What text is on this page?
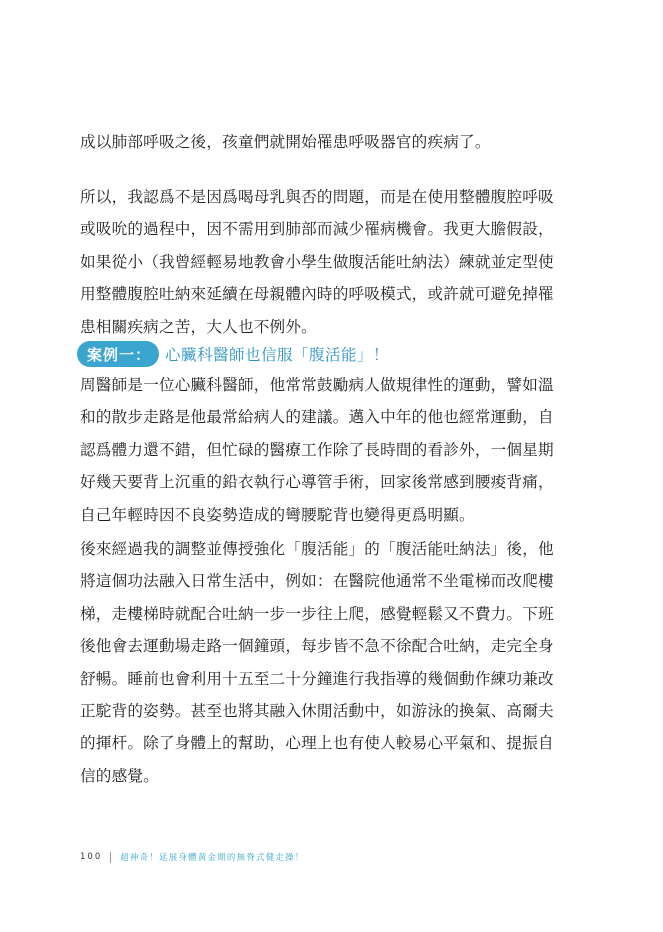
成以肺部呼吸之後，孩童們就開始罹患呼吸器官的疾病了。
所以，我認爲不是因爲喝母乳與否的問題，而是在使用整體腹腔呼吸
或吸吮的過程中，因不需用到肺部而減少罹病機會。我更大膽假設，
如果從小（我曾經輕易地教會小學生做腹活能吐納法）練就並定型使
用整體腹腔吐納來延續在母親體內時的呼吸模式，或許就可避免掉罹
患相關疾病之苦，大人也不例外。
案例一： 心臟科醫師也信服「腹活能」！
周醫師是一位心臟科醫師，他常常鼓勵病人做規律性的運動，譬如溫
和的散步走路是他最常給病人的建議。邁入中年的他也經常運動，自
認爲體力還不錯，但忙碌的醫療工作除了長時間的看診外，一個星期
好幾天要背上沉重的鉛衣執行心導管手術，回家後常感到腰痠背痛，
自己年輕時因不良姿勢造成的彎腰駝背也變得更爲明顯。
後來經過我的調整並傳授強化「腹活能」的「腹活能吐納法」後，他
將這個功法融入日常生活中，例如：在醫院他通常不坐電梯而改爬樓
梯，走樓梯時就配合吐納一步一步往上爬，感覺輕鬆又不費力。下班
後他會去運動場走路一個鐘頭，每步皆不急不徐配合吐納，走完全身
舒暢。睡前也會利用十五至二十分鐘進行我指導的幾個動作練功兼改
正駝背的姿勢。甚至也將其融入休閒活動中，如游泳的換氣、高爾夫
的揮杆。除了身體上的幫助，心理上也有使人較易心平氣和、提振自
信的感覺。
100 超神奇！延展身體黃金期的無脊式健走操！
